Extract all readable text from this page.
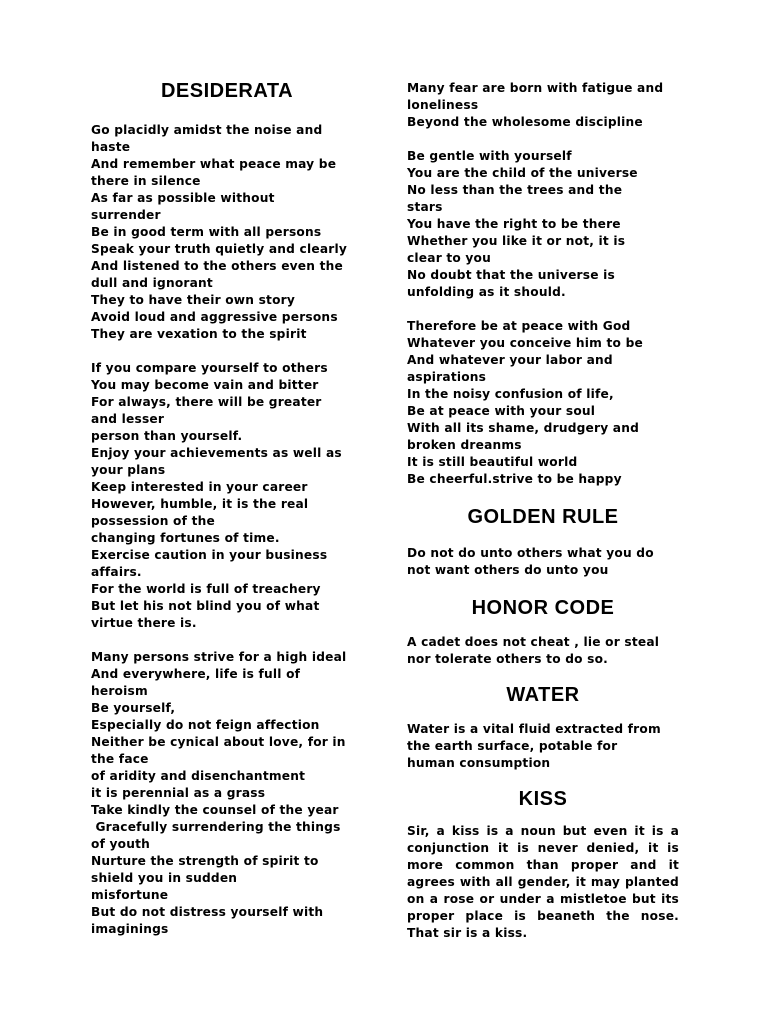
DESIDERATA
Go placidly amidst the noise and
haste
And remember what peace may be
there in silence
As far as possible without
surrender
Be in good term with all persons
Speak your truth quietly and clearly
And listened to the others even the
dull and ignorant
They to have their own story
Avoid loud and aggressive persons
They are vexation to the spirit
If you compare yourself to others
You may become vain and bitter
For always, there will be greater
and lesser
person than yourself.
Enjoy your achievements as well as
your plans
Keep interested in your career
However, humble, it is the real
possession of the
changing fortunes of time.
Exercise caution in your business
affairs.
For the world is full of treachery
But let his not blind you of what
virtue there is.
Many persons strive for a high ideal
And everywhere, life is full of
heroism
Be yourself,
Especially do not feign affection
Neither be cynical about love, for in
the face
of aridity and disenchantment
it is perennial as a grass
Take kindly the counsel of the year
Gracefully surrendering the things
of youth
Nurture the strength of spirit to
shield you in sudden
misfortune
But do not distress yourself with
imaginings
Many fear are born with fatigue and
loneliness
Beyond the wholesome discipline
Be gentle with yourself
You are the child of the universe
No less than the trees and the
stars
You have the right to be there
Whether you like it or not, it is
clear to you
No doubt that the universe is
unfolding as it should.
Therefore be at peace with God
Whatever you conceive him to be
And whatever your labor and
aspirations
In the noisy confusion of life,
Be at peace with your soul
With all its shame, drudgery and
broken dreanms
It is still beautiful world
Be cheerful.strive to be happy
GOLDEN RULE
Do not do unto others what you do
not want others do unto you
HONOR CODE
A cadet does not cheat , lie or steal
nor tolerate others to do so.
WATER
Water is a vital fluid extracted from
the earth surface, potable for
human consumption
KISS
Sir, a kiss is a noun but even it is a conjunction it is never denied, it is more common than proper and it agrees with all gender, it may planted on a rose or under a mistletoe but its proper place is beaneth the nose. That sir is a kiss.
